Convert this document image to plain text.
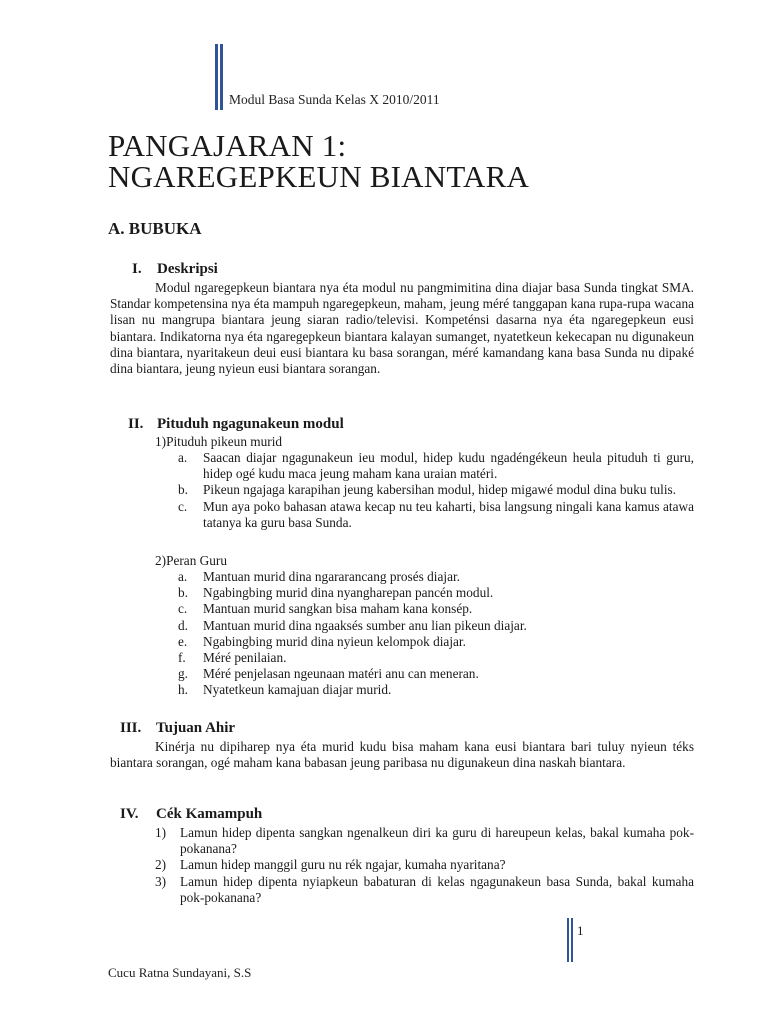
Modul Basa Sunda Kelas X 2010/2011
PANGAJARAN 1:
NGAREGEPKEUN BIANTARA
A. BUBUKA
I. Deskripsi

Modul ngaregepkeun biantara nya éta modul nu pangmimitina dina diajar basa Sunda tingkat SMA. Standar kompetensina nya éta mampuh ngaregepkeun, maham, jeung méré tanggapan kana rupa-rupa wacana lisan nu mangrupa biantara jeung siaran radio/televisi. Kompeténsi dasarna nya éta ngaregepkeun eusi biantara. Indikatorna nya éta ngaregepkeun biantara kalayan sumanget, nyatetkeun kekecapan nu digunakeun dina biantara, nyaritakeun deui eusi biantara ku basa sorangan, méré kamandang kana basa Sunda nu dipaké dina biantara, jeung nyieun eusi biantara sorangan.

II. Pituduh ngagunakeun modul

1)Pituduh pikeun murid

a.	Saacan diajar ngagunakeun ieu modul, hidep kudu ngadéngékeun heula pituduh ti guru, hidep ogé kudu maca jeung maham kana uraian matéri.
b.	Pikeun ngajaga karapihan jeung kabersihan modul, hidep migawé modul dina buku tulis.
c.	Mun aya poko bahasan atawa kecap nu teu kaharti, bisa langsung ningali kana kamus atawa tatanya ka guru basa Sunda.

2)Peran Guru

a.	Mantuan murid dina ngararancang prosés diajar.
b.	Ngabingbing murid dina nyangharepan pancén modul.
c.	Mantuan murid sangkan bisa maham kana konsép.
d.	Mantuan murid dina ngaaksés sumber anu lian pikeun diajar.
e.	Ngabingbing murid dina nyieun kelompok diajar.
f.	Méré penilaian.
g.	Méré penjelasan ngeunaan matéri anu can meneran.
h.	Nyatetkeun kamajuan diajar murid.
III. Tujuan Ahir

Kinérja nu dipiharep nya éta murid kudu bisa maham kana eusi biantara bari tuluy nyieun téks biantara sorangan, ogé maham kana babasan jeung paribasa nu digunakeun dina naskah biantara.

IV. Cék Kamampuh
1)	Lamun hidep dipenta sangkan ngenalkeun diri ka guru di hareupeun kelas, bakal kumaha pok-pokanana?
2)	Lamun hidep manggil guru nu rék ngajar, kumaha nyaritana?
3)	Lamun hidep dipenta nyiapkeun babaturan di kelas ngagunakeun basa Sunda, bakal kumaha pok-pokanana?
1
Cucu Ratna Sundayani, S.S
